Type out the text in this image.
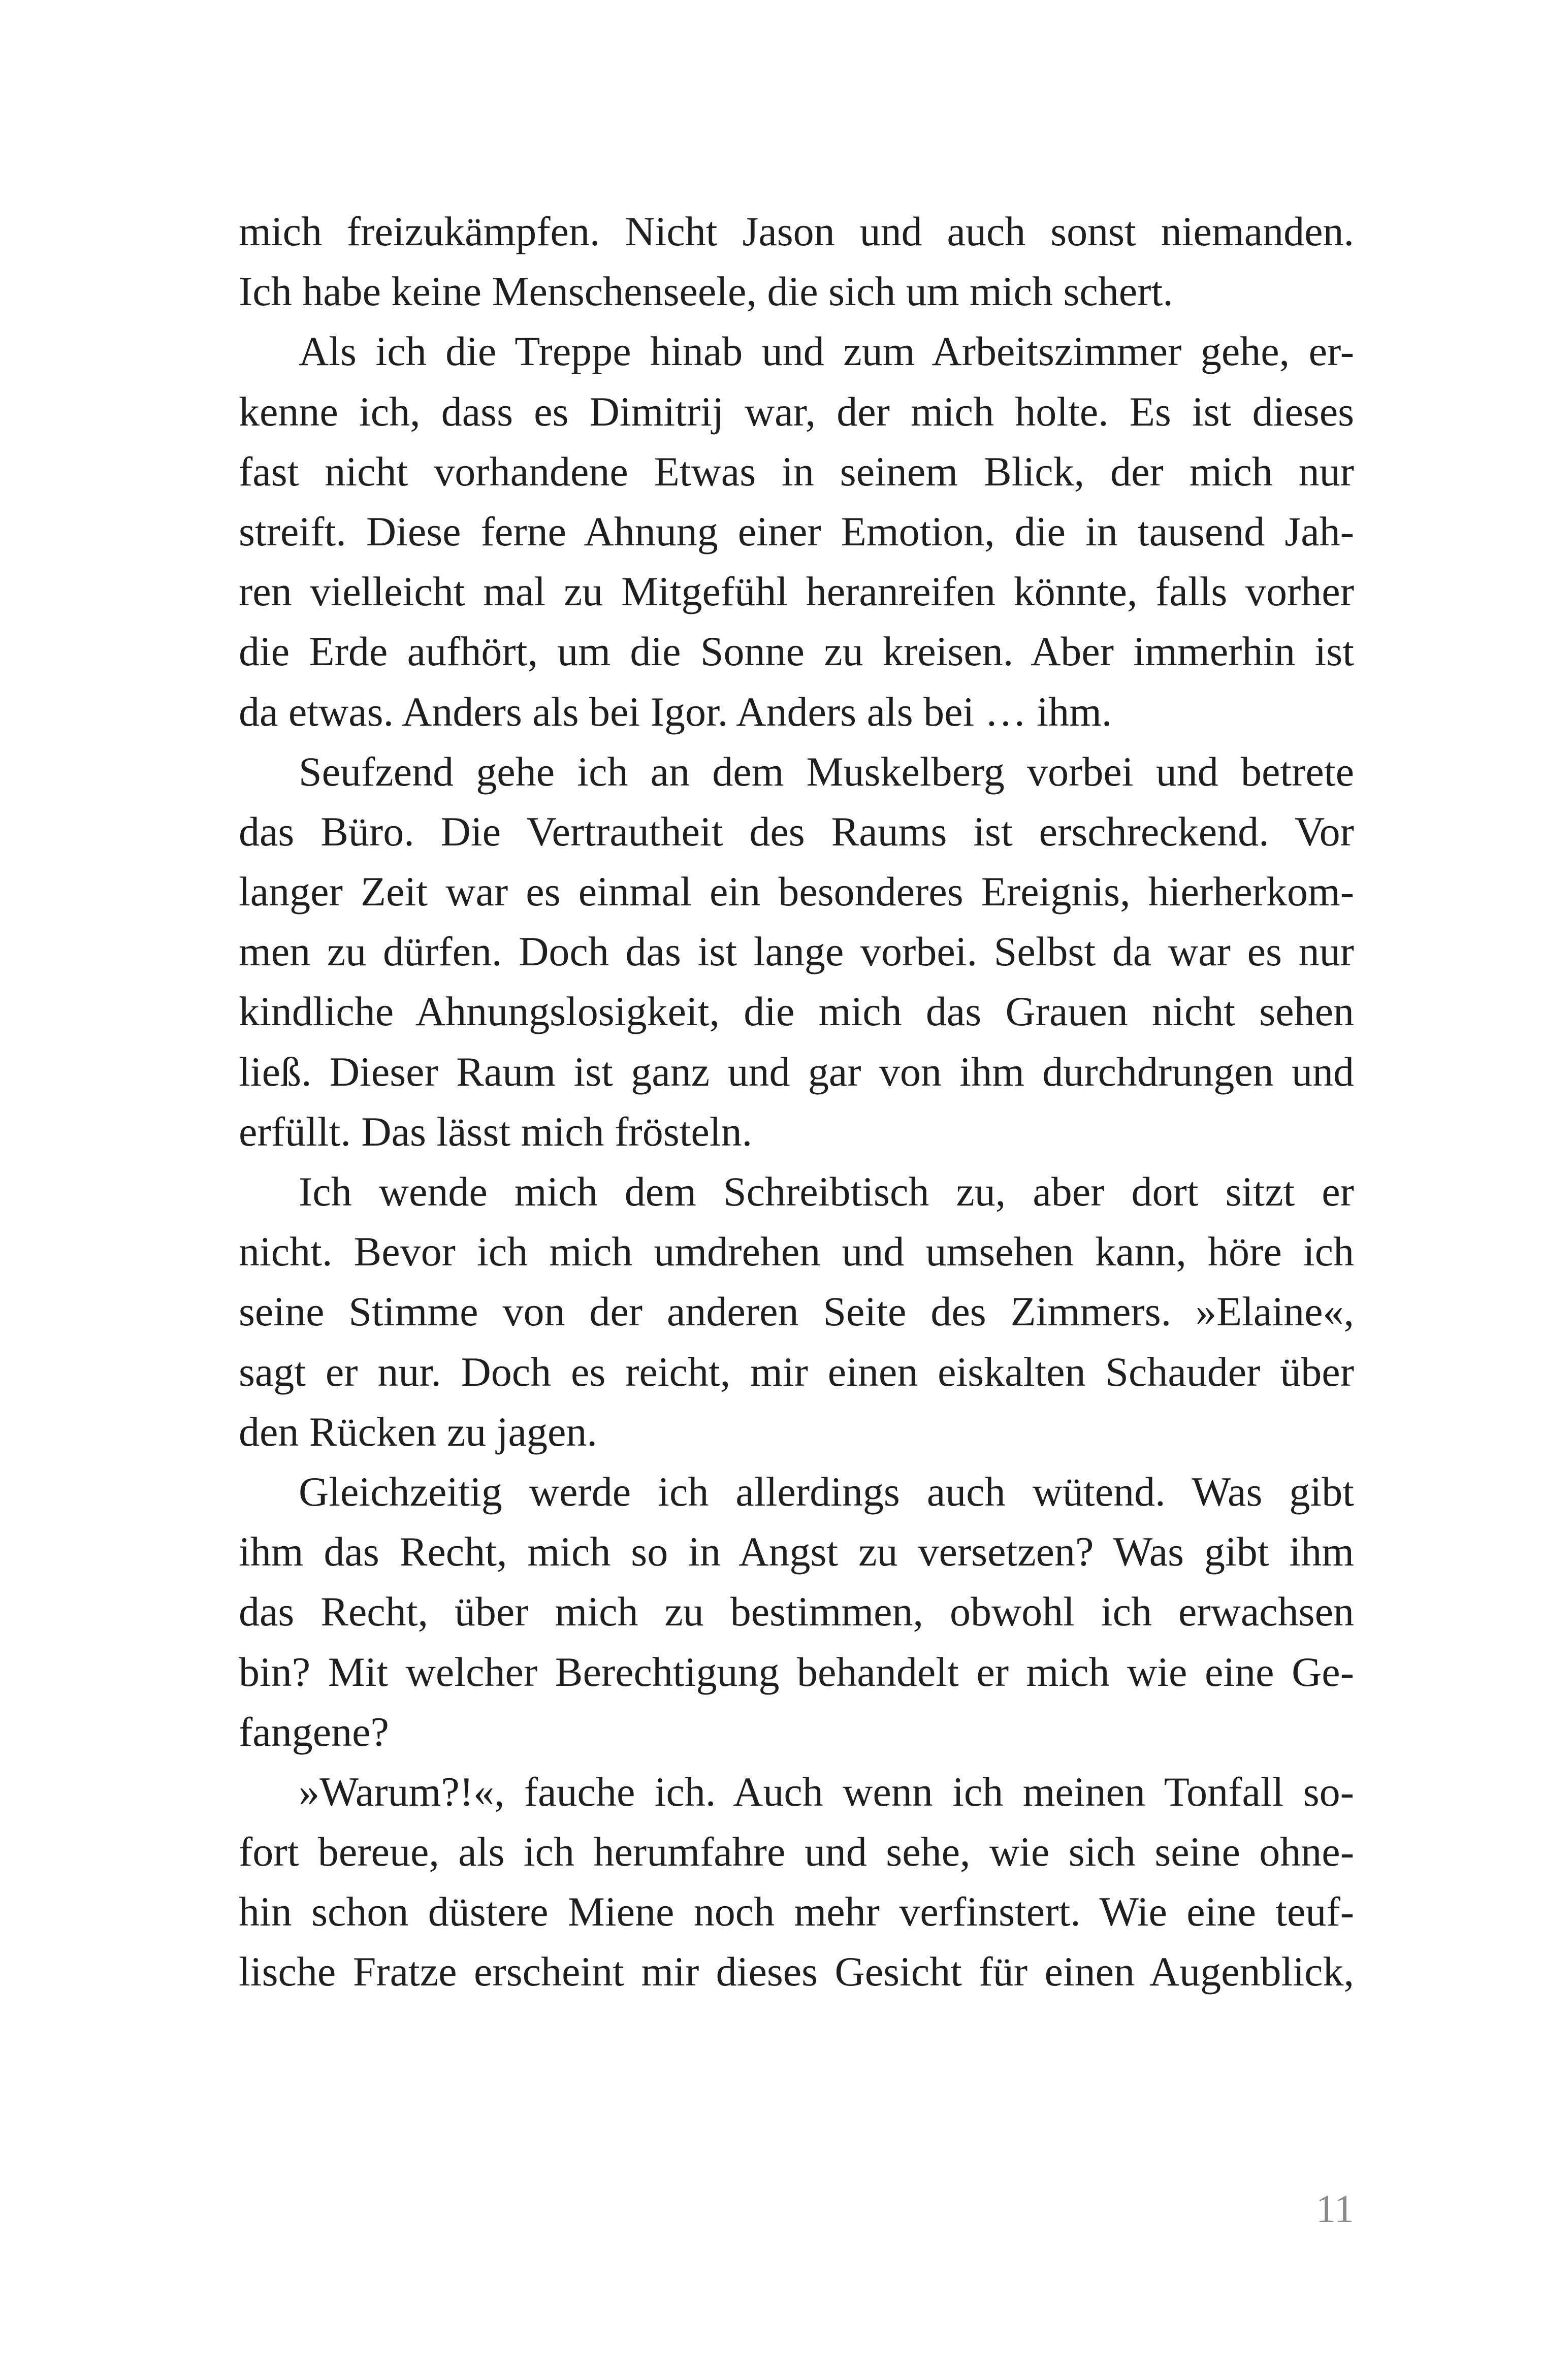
mich freizukämpfen. Nicht Jason und auch sonst niemanden.
Ich habe keine Menschenseele, die sich um mich schert.
Als ich die Treppe hinab und zum Arbeitszimmer gehe, er-
kenne ich, dass es Dimitrij war, der mich holte. Es ist dieses
fast nicht vorhandene Etwas in seinem Blick, der mich nur
streift. Diese ferne Ahnung einer Emotion, die in tausend Jah-
ren vielleicht mal zu Mitgefühl heranreifen könnte, falls vorher
die Erde aufhört, um die Sonne zu kreisen. Aber immerhin ist
da etwas. Anders als bei Igor. Anders als bei … ihm.
Seufzend gehe ich an dem Muskelberg vorbei und betrete
das Büro. Die Vertrautheit des Raums ist erschreckend. Vor
langer Zeit war es einmal ein besonderes Ereignis, hierherkom-
men zu dürfen. Doch das ist lange vorbei. Selbst da war es nur
kindliche Ahnungslosigkeit, die mich das Grauen nicht sehen
ließ. Dieser Raum ist ganz und gar von ihm durchdrungen und
erfüllt. Das lässt mich frösteln.
Ich wende mich dem Schreibtisch zu, aber dort sitzt er
nicht. Bevor ich mich umdrehen und umsehen kann, höre ich
seine Stimme von der anderen Seite des Zimmers. »Elaine«,
sagt er nur. Doch es reicht, mir einen eiskalten Schauder über
den Rücken zu jagen.
Gleichzeitig werde ich allerdings auch wütend. Was gibt
ihm das Recht, mich so in Angst zu versetzen? Was gibt ihm
das Recht, über mich zu bestimmen, obwohl ich erwachsen
bin? Mit welcher Berechtigung behandelt er mich wie eine Ge-
fangene?
»Warum?!«, fauche ich. Auch wenn ich meinen Tonfall so-
fort bereue, als ich herumfahre und sehe, wie sich seine ohne-
hin schon düstere Miene noch mehr verfinstert. Wie eine teuf-
lische Fratze erscheint mir dieses Gesicht für einen Augenblick,
11
